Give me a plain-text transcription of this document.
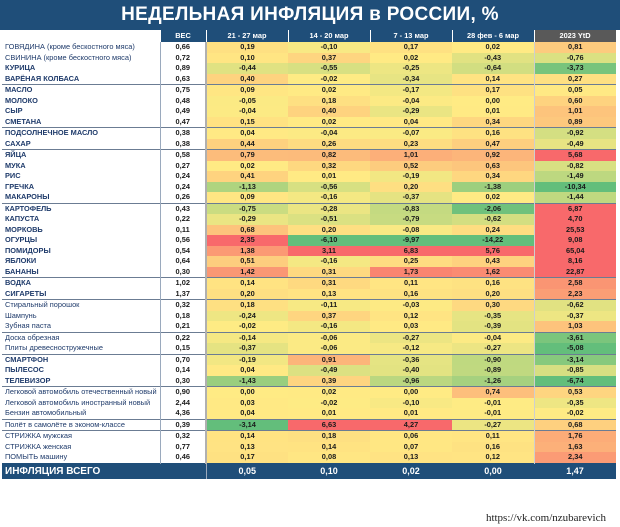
НЕДЕЛЬНАЯ ИНФЛЯЦИЯ в РОССИИ, %
	ВЕС	21 - 27 мар	14 - 20 мар	7 - 13 мар	28 фев - 6 мар	2023 YtD
ГОВЯДИНА (кроме бескостного мяса)	0,66	0,19	-0,10	0,17	0,02	0,81
СВИНИНА (кроме бескостного мяса)	0,72	0,10	0,37	0,02	-0,43	-0,76
КУРИЦА	0,89	-0,44	-0,55	-0,25	-0,64	-3,73
ВАРЁНАЯ КОЛБАСА	0,63	0,40	-0,02	-0,34	0,14	0,27
МАСЛО	0,75	0,09	0,02	-0,17	0,17	0,05
МОЛОКО	0,48	-0,05	0,18	-0,04	0,00	0,60
СЫР	0,49	-0,04	0,40	-0,29	0,01	1,01
СМЕТАНА	0,47	0,15	0,02	0,04	0,34	0,89
ПОДСОЛНЕЧНОЕ МАСЛО	0,38	0,04	-0,04	-0,07	0,16	-0,92
САХАР	0,38	0,44	0,26	0,23	0,47	-0,49
ЯЙЦА	0,58	0,79	0,82	1,01	0,92	5,68
МУКА	0,27	0,02	0,32	0,52	0,63	-0,82
РИС	0,24	0,41	0,01	-0,19	0,34	-1,49
ГРЕЧКА	0,24	-1,13	-0,56	0,20	-1,38	-10,34
МАКАРОНЫ	0,26	0,09	-0,16	-0,37	0,02	-1,44
КАРТОФЕЛЬ	0,43	-0,75	-0,28	-0,83	-2,06	6,87
КАПУСТА	0,22	-0,29	-0,51	-0,79	-0,62	4,70
МОРКОВЬ	0,11	0,68	0,20	-0,08	0,24	25,53
ОГУРЦЫ	0,56	2,35	-6,10	-9,97	-14,22	9,08
ПОМИДОРЫ	0,54	1,38	3,11	6,83	5,76	65,04
ЯБЛОКИ	0,64	0,51	-0,16	0,25	0,43	8,16
БАНАНЫ	0,30	1,42	0,31	1,73	1,62	22,87
ВОДКА	1,02	0,14	0,31	0,11	0,16	2,58
СИГАРЕТЫ	1,37	0,20	0,13	0,16	0,20	2,23
Стиральный порошок	0,32	0,18	-0,11	-0,03	0,30	-0,62
Шампунь	0,18	-0,24	0,37	0,12	-0,35	-0,37
Зубная паста	0,21	-0,02	-0,16	0,03	-0,39	1,03
Доска обрезная	0,22	-0,14	-0,06	-0,27	-0,04	-3,61
Плиты древесностружечные	0,15	-0,37	-0,06	-0,12	-0,27	-5,08
СМАРТФОН	0,70	-0,19	0,91	-0,36	-0,90	-3,14
ПЫЛЕСОС	0,14	0,04	-0,49	-0,40	-0,89	-0,85
ТЕЛЕВИЗОР	0,30	-1,43	0,39	-0,96	-1,26	-6,74
Легковой автомобиль отечественный новый	0,90	0,00	0,02	0,00	0,74	0,53
Легковой автомобиль иностранный новый	2,44	0,03	-0,02	-0,10	-0,01	-0,35
Бензин автомобильный	4,36	0,04	0,01	0,01	-0,01	-0,02
Полёт в самолёте в эконом-классе	0,39	-3,14	6,63	4,27	-0,27	0,68
СТРИЖКА мужская	0,32	0,14	0,18	0,06	0,11	1,76
СТРИЖКА женская	0,77	0,13	0,14	0,07	0,16	1,63
ПОМЫТЬ машину	0,46	0,17	0,08	0,13	0,12	2,34
ИНФЛЯЦИЯ ВСЕГО		0,05	0,10	0,02	0,00	1,47
https://vk.com/nzubarevich
